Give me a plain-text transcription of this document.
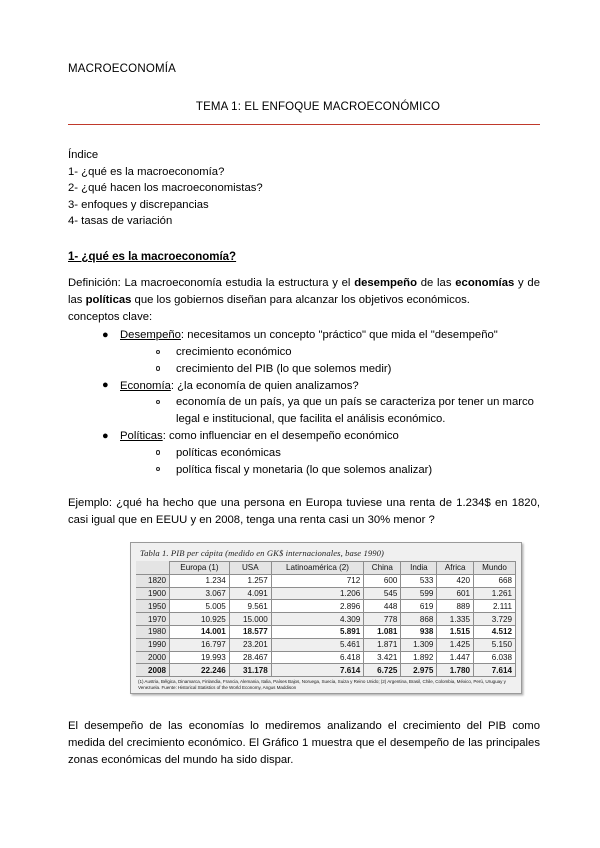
MACROECONOMÍA
TEMA 1: EL ENFOQUE MACROECONÓMICO
Índice
1- ¿qué es la macroeconomía?
2- ¿qué hacen los macroeconomistas?
3- enfoques y discrepancias
4- tasas de variación
1- ¿qué es la macroeconomía?
Definición: La macroeconomía estudia la estructura y el desempeño de las economías y de las políticas que los gobiernos diseñan para alcanzar los objetivos económicos.
conceptos clave:
● Desempeño: necesitamos un concepto "práctico" que mida el "desempeño"
crecimiento económico
crecimiento del PIB (lo que solemos medir)
● Economía: ¿la economía de quien analizamos?
economía de un país, ya que un país se caracteriza por tener un marco legal e institucional, que facilita el análisis económico.
● Políticas: como influenciar en el desempeño económico
políticas económicas
política fiscal y monetaria (lo que solemos analizar)
Ejemplo: ¿qué ha hecho que una persona en Europa tuviese una renta de 1.234$ en 1820, casi igual que en EEUU y en 2008, tenga una renta casi un 30% menor ?
Tabla 1. PIB per cápita (medido en GK$ internacionales, base 1990)
	Europa (1)	USA	Latinoamérica (2)	China	India	Africa	Mundo
1820	1.234	1.257	712	600	533	420	668
1900	3.067	4.091	1.206	545	599	601	1.261
1950	5.005	9.561	2.896	448	619	889	2.111
1970	10.925	15.000	4.309	778	868	1.335	3.729
1980	14.001	18.577	5.891	1.081	938	1.515	4.512
1990	16.797	23.201	5.461	1.871	1.309	1.425	5.150
2000	19.993	28.467	6.418	3.421	1.892	1.447	6.038
2008	22.246	31.178	7.614	6.725	2.975	1.780	7.614
(1) Austria, Bélgica, Dinamarca, Finlandia, Francia, Alemania, Italia, Países Bajos, Noruega, Suecia, Suiza y Reino Unido; (2) Argentina, Brasil, Chile, Colombia, México, Perú, Uruguay y Venezuela. Fuente: Historical Statistics of the World Economy, Angus Maddison
El desempeño de las economías lo mediremos analizando el crecimiento del PIB como medida del crecimiento económico. El Gráfico 1 muestra que el desempeño de las principales zonas económicas del mundo ha sido dispar.
